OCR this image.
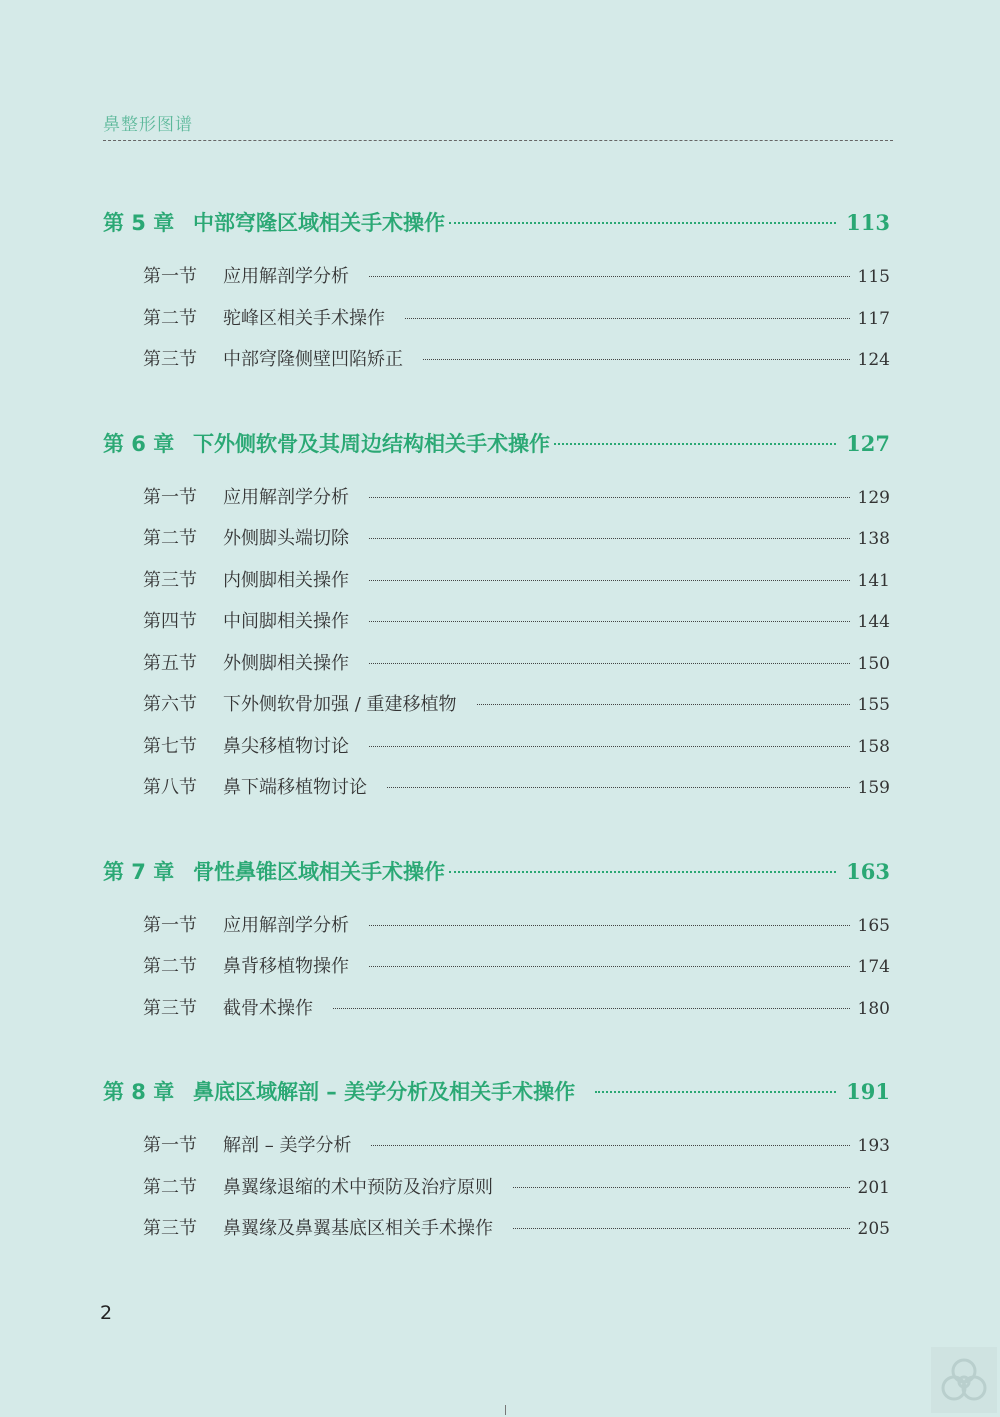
鼻整形图谱
第 5 章 中部穹隆区域相关手术操作	113
第一节	应用解剖学分析	115
第二节	驼峰区相关手术操作	117
第三节	中部穹隆侧壁凹陷矫正	124
第 6 章 下外侧软骨及其周边结构相关手术操作	127
第一节	应用解剖学分析	129
第二节	外侧脚头端切除	138
第三节	内侧脚相关操作	141
第四节	中间脚相关操作	144
第五节	外侧脚相关操作	150
第六节	下外侧软骨加强 / 重建移植物	155
第七节	鼻尖移植物讨论	158
第八节	鼻下端移植物讨论	159
第 7 章 骨性鼻锥区域相关手术操作	163
第一节	应用解剖学分析	165
第二节	鼻背移植物操作	174
第三节	截骨术操作	180
第 8 章 鼻底区域解剖 – 美学分析及相关手术操作	191
第一节	解剖 – 美学分析	193
第二节	鼻翼缘退缩的术中预防及治疗原则	201
第三节	鼻翼缘及鼻翼基底区相关手术操作	205
2
